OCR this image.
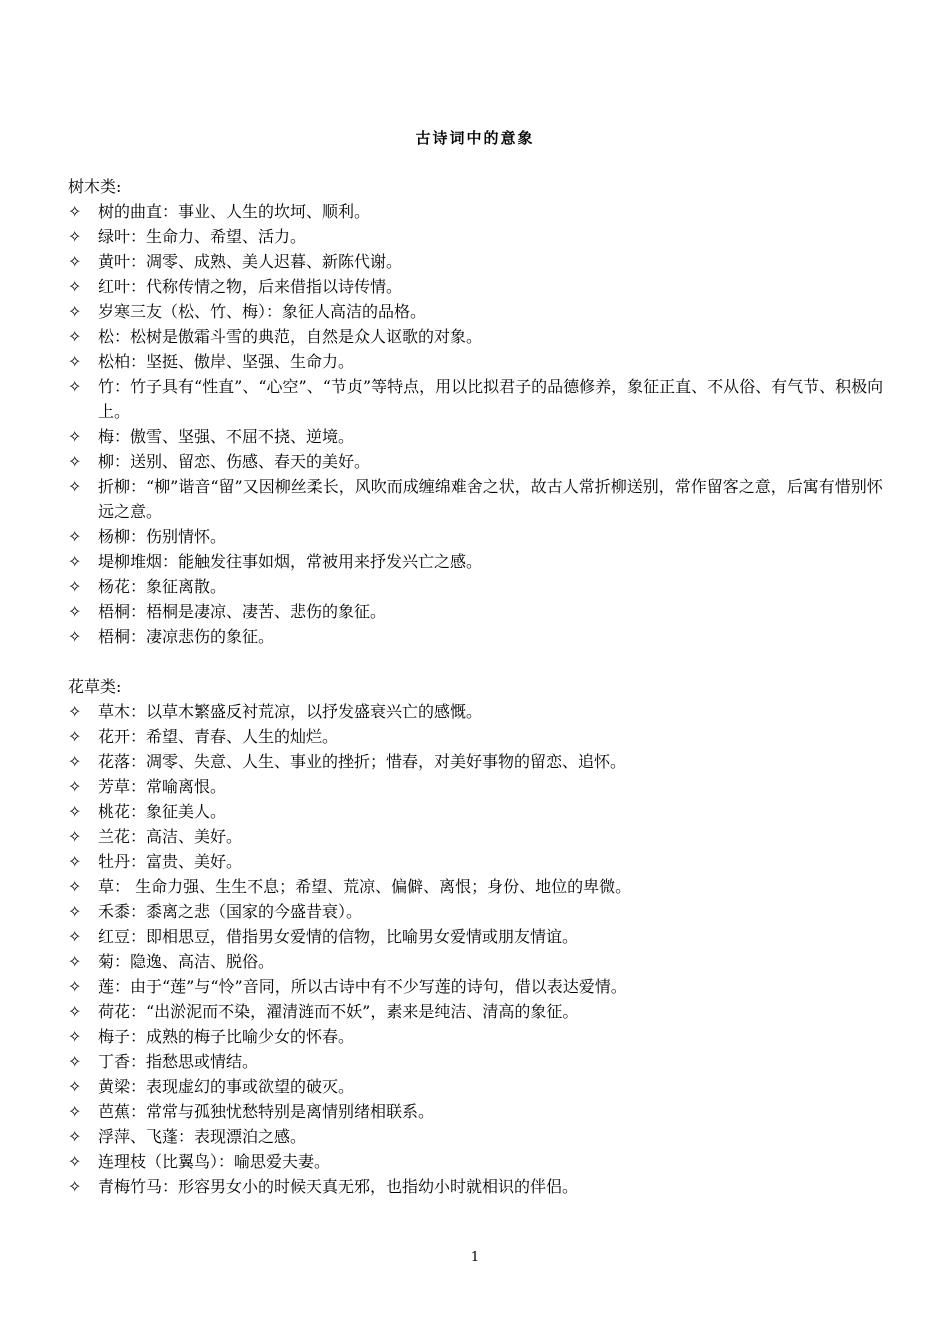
古诗词中的意象
树木类:
✧	树的曲直：事业、人生的坎坷、顺利。
✧	绿叶：生命力、希望、活力。
✧	黄叶：凋零、成熟、美人迟暮、新陈代谢。
✧	红叶：代称传情之物，后来借指以诗传情。
✧	岁寒三友（松、竹、梅）：象征人高洁的品格。
✧	松：松树是傲霜斗雪的典范，自然是众人讴歌的对象。
✧	松柏：坚挺、傲岸、坚强、生命力。
✧	竹：竹子具有“性直”、“心空”、“节贞”等特点，用以比拟君子的品德修养，象征正直、不从俗、有气节、积极向上。
✧	梅：傲雪、坚强、不屈不挠、逆境。
✧	柳：送别、留恋、伤感、春天的美好。
✧	折柳：“柳”谐音“留”又因柳丝柔长，风吹而成缠绵难舍之状，故古人常折柳送别，常作留客之意，后寓有惜别怀远之意。
✧	杨柳：伤别情怀。
✧	堤柳堆烟：能触发往事如烟，常被用来抒发兴亡之感。
✧	杨花：象征离散。
✧	梧桐：梧桐是凄凉、凄苦、悲伤的象征。
✧	梧桐：凄凉悲伤的象征。
花草类:
✧	草木：以草木繁盛反衬荒凉，以抒发盛衰兴亡的感慨。
✧	花开：希望、青春、人生的灿烂。
✧	花落：凋零、失意、人生、事业的挫折；惜春，对美好事物的留恋、追怀。
✧	芳草：常喻离恨。
✧	桃花：象征美人。
✧	兰花：高洁、美好。
✧	牡丹：富贵、美好。
✧	草： 生命力强、生生不息；希望、荒凉、偏僻、离恨；身份、地位的卑微。
✧	禾黍：黍离之悲（国家的今盛昔衰）。
✧	红豆：即相思豆，借指男女爱情的信物，比喻男女爱情或朋友情谊。
✧	菊：隐逸、高洁、脱俗。
✧	莲：由于“莲”与“怜”音同，所以古诗中有不少写莲的诗句，借以表达爱情。
✧	荷花：“出淤泥而不染，濯清涟而不妖”，素来是纯洁、清高的象征。
✧	梅子：成熟的梅子比喻少女的怀春。
✧	丁香：指愁思或情结。
✧	黄梁：表现虚幻的事或欲望的破灭。
✧	芭蕉：常常与孤独忧愁特别是离情别绪相联系。
✧	浮萍、飞蓬：表现漂泊之感。
✧	连理枝（比翼鸟）：喻思爱夫妻。
✧	青梅竹马：形容男女小的时候天真无邪，也指幼小时就相识的伴侣。
1
